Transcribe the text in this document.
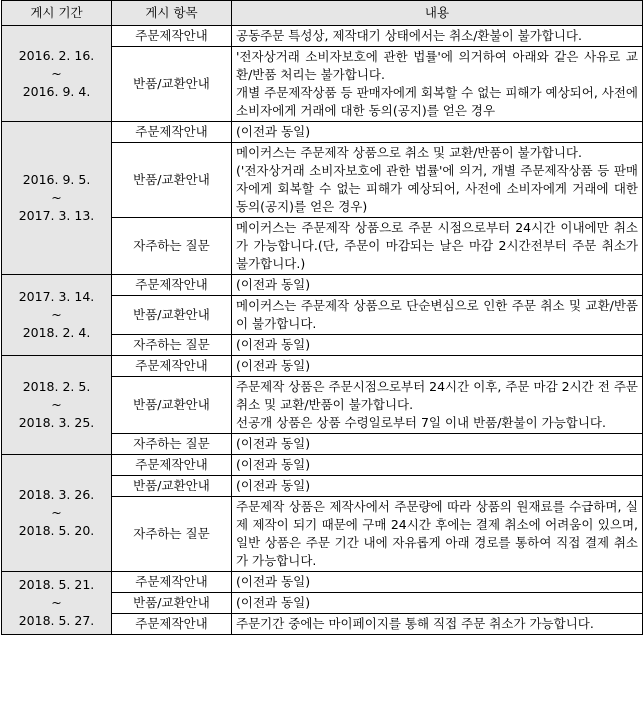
게시 기간	게시 항목	내용

2016. 2. 16.
~
2016. 9. 4.	주문제작안내	공동주문 특성상, 제작대기 상태에서는 취소/환불이 불가합니다.

	반품/교환안내	'전자상거래 소비자보호에 관한 법률'에 의거하여 아래와 같은 사유로 교환/반품 처리는 불가합니다.

개별 주문제작상품 등 판매자에게 회복할 수 없는 피해가 예상되어, 사전에 소비자에게 거래에 대한 동의(공지)를 얻은 경우

2016. 9. 5.
~
2017. 3. 13.	주문제작안내	(이전과 동일)

	반품/교환안내	메이커스는 주문제작 상품으로 취소 및 교환/반품이 불가합니다.

('전자상거래 소비자보호에 관한 법률'에 의거, 개별 주문제작상품 등 판매자에게 회복할 수 없는 피해가 예상되어, 사전에 소비자에게 거래에 대한 동의(공지)를 얻은 경우)

	자주하는 질문	메이커스는 주문제작 상품으로 주문 시점으로부터 24시간 이내에만 취소가 가능합니다.(단, 주문이 마감되는 날은 마감 2시간전부터 주문 취소가 불가합니다.)

2017. 3. 14.
~
2018. 2. 4.	주문제작안내	(이전과 동일)

	반품/교환안내	메이커스는 주문제작 상품으로 단순변심으로 인한 주문 취소 및 교환/반품이 불가합니다.

	자주하는 질문	(이전과 동일)

2018. 2. 5.
~
2018. 3. 25.	주문제작안내	(이전과 동일)

	반품/교환안내	주문제작 상품은 주문시점으로부터 24시간 이후, 주문 마감 2시간 전 주문 취소 및 교환/반품이 불가합니다.

선공개 상품은 상품 수령일로부터 7일 이내 반품/환불이 가능합니다.

	자주하는 질문	(이전과 동일)

2018. 3. 26.
~
2018. 5. 20.	주문제작안내	(이전과 동일)

	반품/교환안내	(이전과 동일)

	자주하는 질문	주문제작 상품은 제작사에서 주문량에 따라 상품의 원재료를 수급하며, 실제 제작이 되기 때문에 구매 24시간 후에는 결제 취소에 어려움이 있으며, 일반 상품은 주문 기간 내에 자유롭게 아래 경로를 통하여 직접 결제 취소가 가능합니다.

2018. 5. 21.
~
2018. 5. 27.	주문제작안내	(이전과 동일)

	반품/교환안내	(이전과 동일)

	주문제작안내	주문기간 중에는 마이페이지를 통해 직접 주문 취소가 가능합니다.
